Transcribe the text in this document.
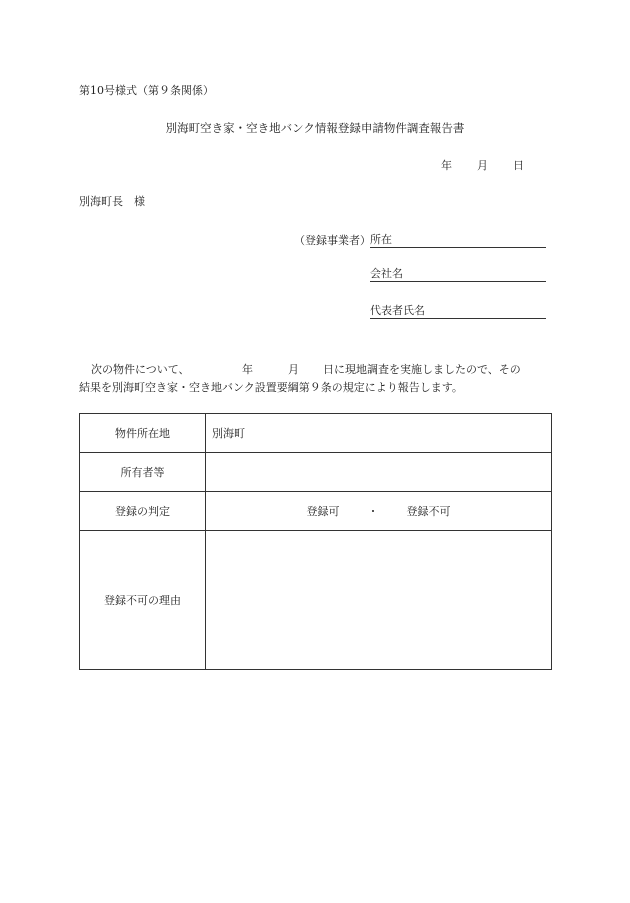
第10号様式（第９条関係）
別海町空き家・空き地バンク情報登録申請物件調査報告書
年 月 日
別海町長　様
（登録事業者） 所在
会社名
代表者氏名
次の物件について、	年	月 日に現地調査を実施しましたので、その
結果を別海町空き家・空き地バンク設置要綱第９条の規定により報告します。
物件所在地	別海町
所有者等	
登録の判定	登録可 ・ 登録不可

登録不可の理由	
